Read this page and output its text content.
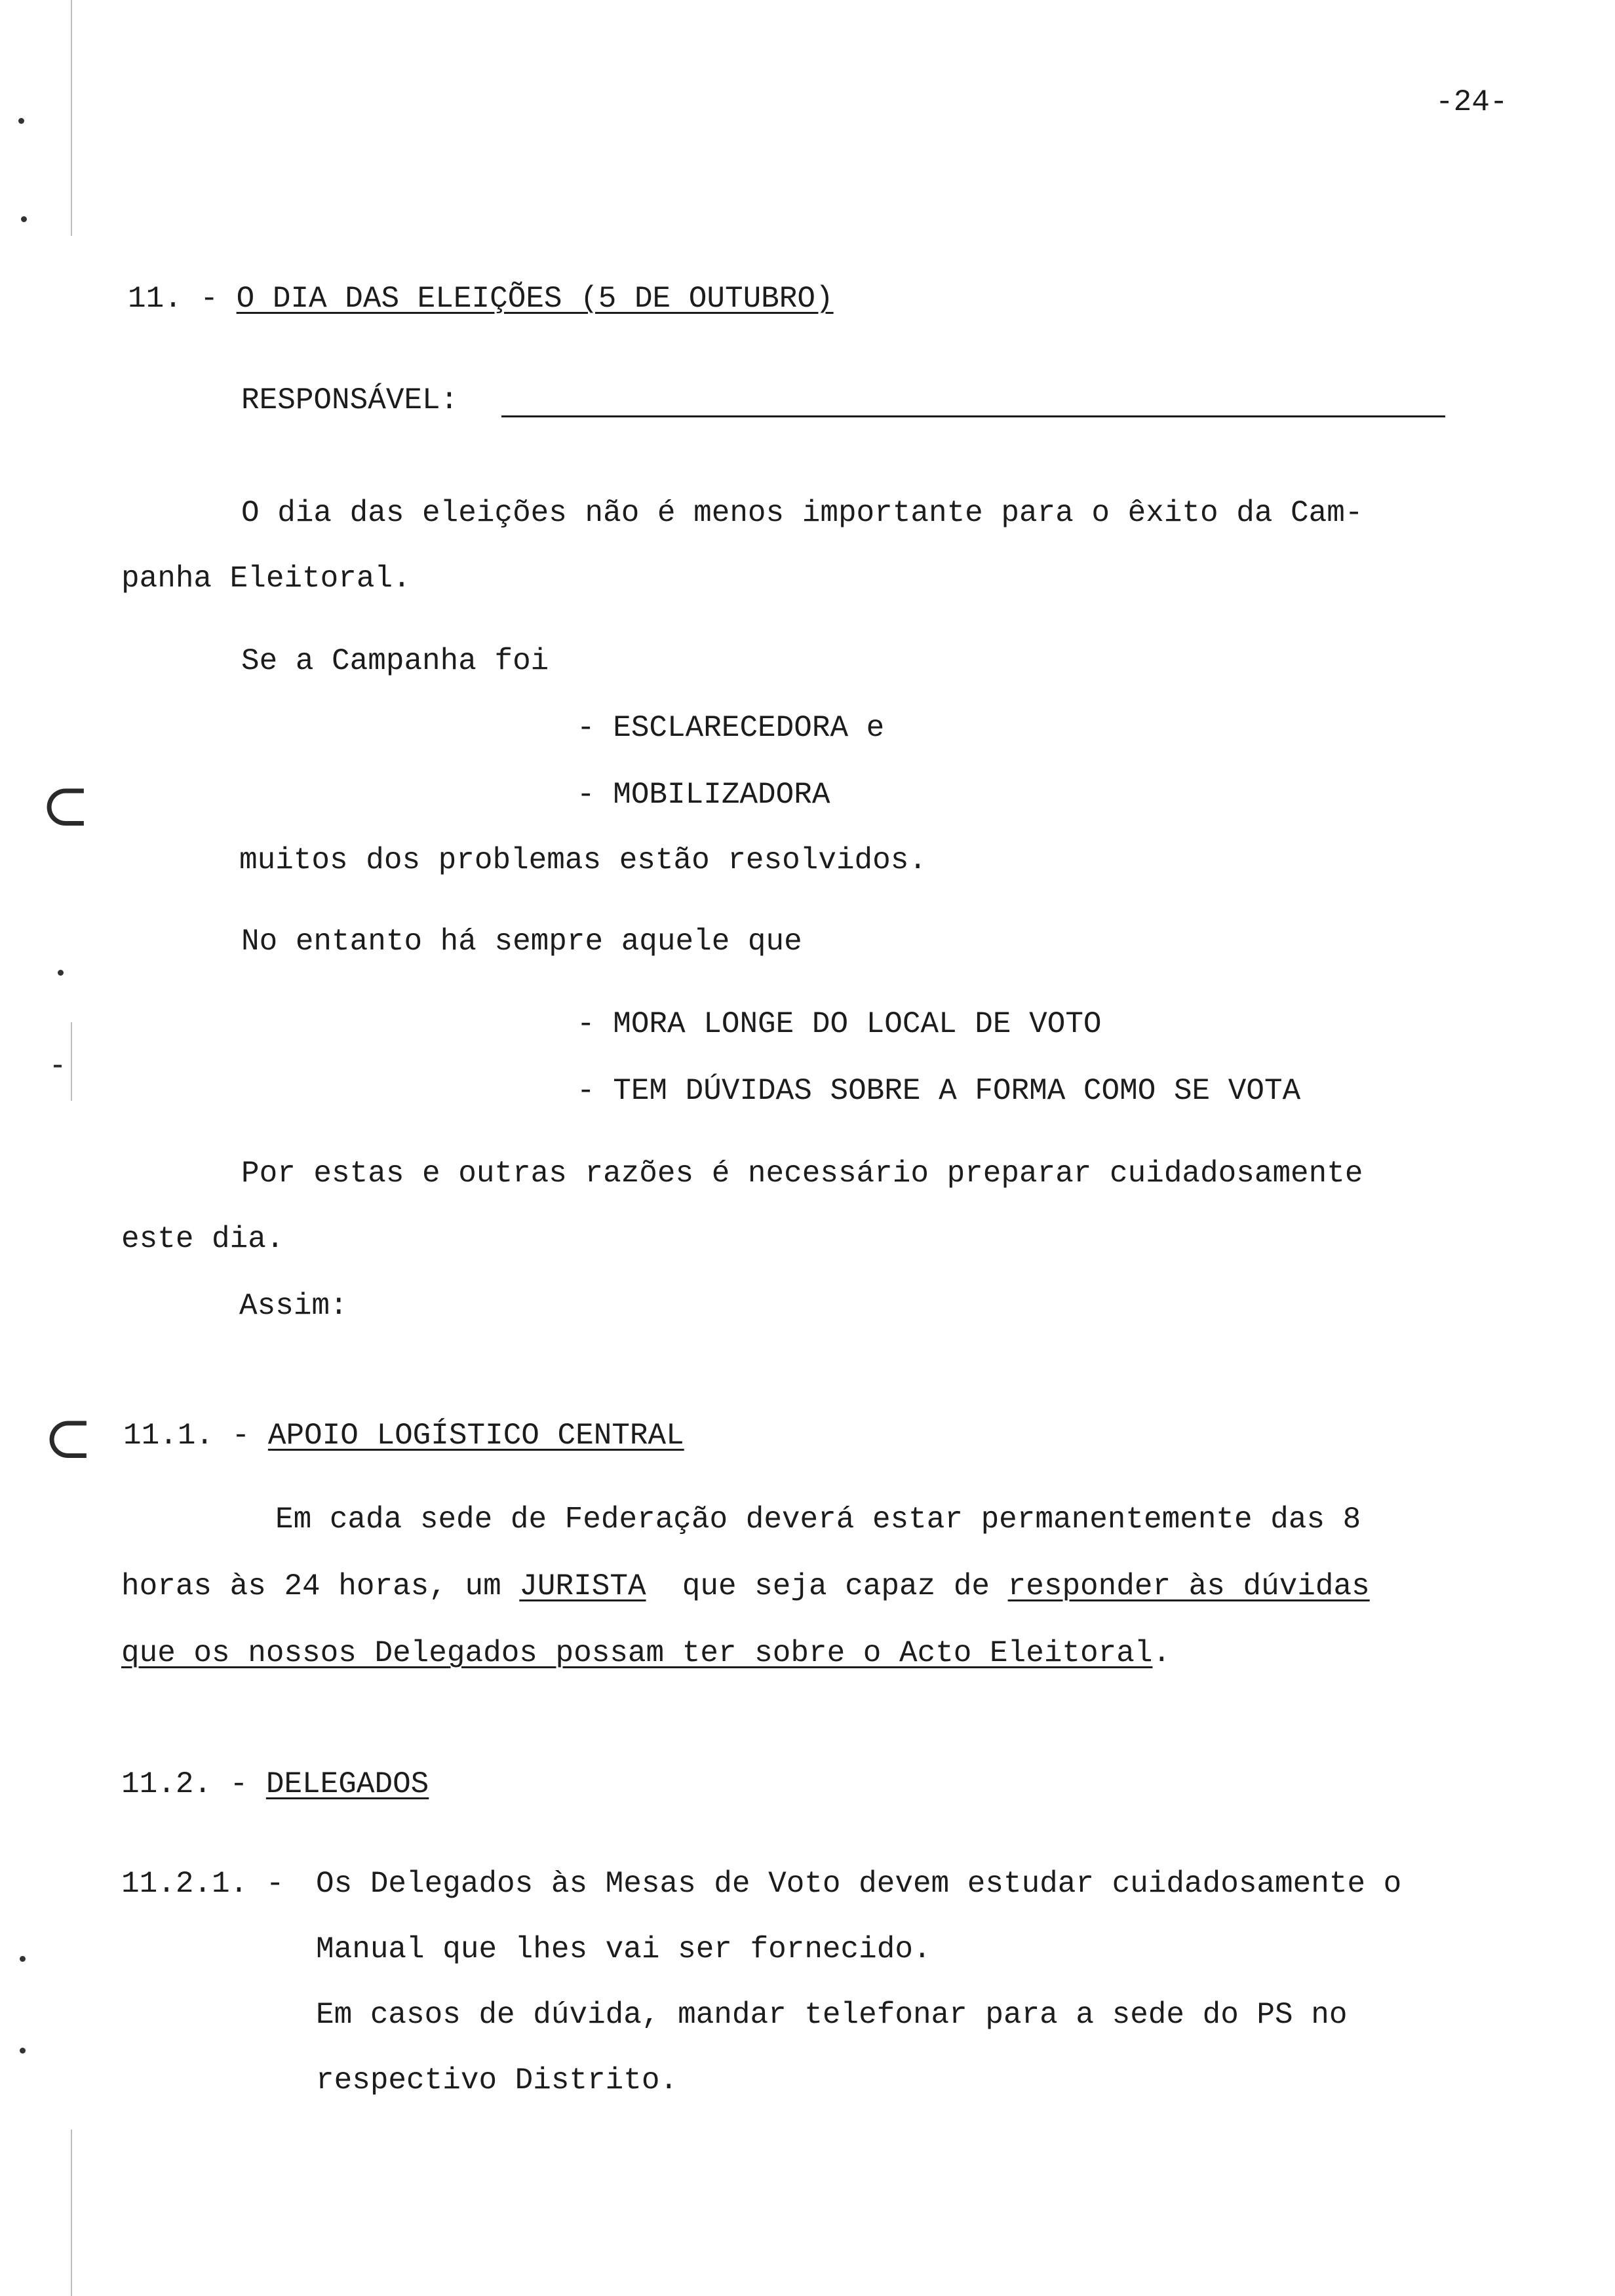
⊂
⊂
-24-
11. - O DIA DAS ELEIÇÕES (5 DE OUTUBRO)
RESPONSÁVEL:
O dia das eleições não é menos importante para o êxito da Cam-
panha Eleitoral.
Se a Campanha foi
- ESCLARECEDORA e
- MOBILIZADORA
muitos dos problemas estão resolvidos.
No entanto há sempre aquele que
- MORA LONGE DO LOCAL DE VOTO
- TEM DÚVIDAS SOBRE A FORMA COMO SE VOTA
Por estas e outras razões é necessário preparar cuidadosamente
este dia.
Assim:
11.1. - APOIO LOGÍSTICO CENTRAL
Em cada sede de Federação deverá estar permanentemente das 8
horas às 24 horas, um JURISTA  que seja capaz de responder às dúvidas
que os nossos Delegados possam ter sobre o Acto Eleitoral.
11.2. - DELEGADOS
11.2.1. - Os Delegados às Mesas de Voto devem estudar cuidadosamente o
Manual que lhes vai ser fornecido.
Em casos de dúvida, mandar telefonar para a sede do PS no
respectivo Distrito.
